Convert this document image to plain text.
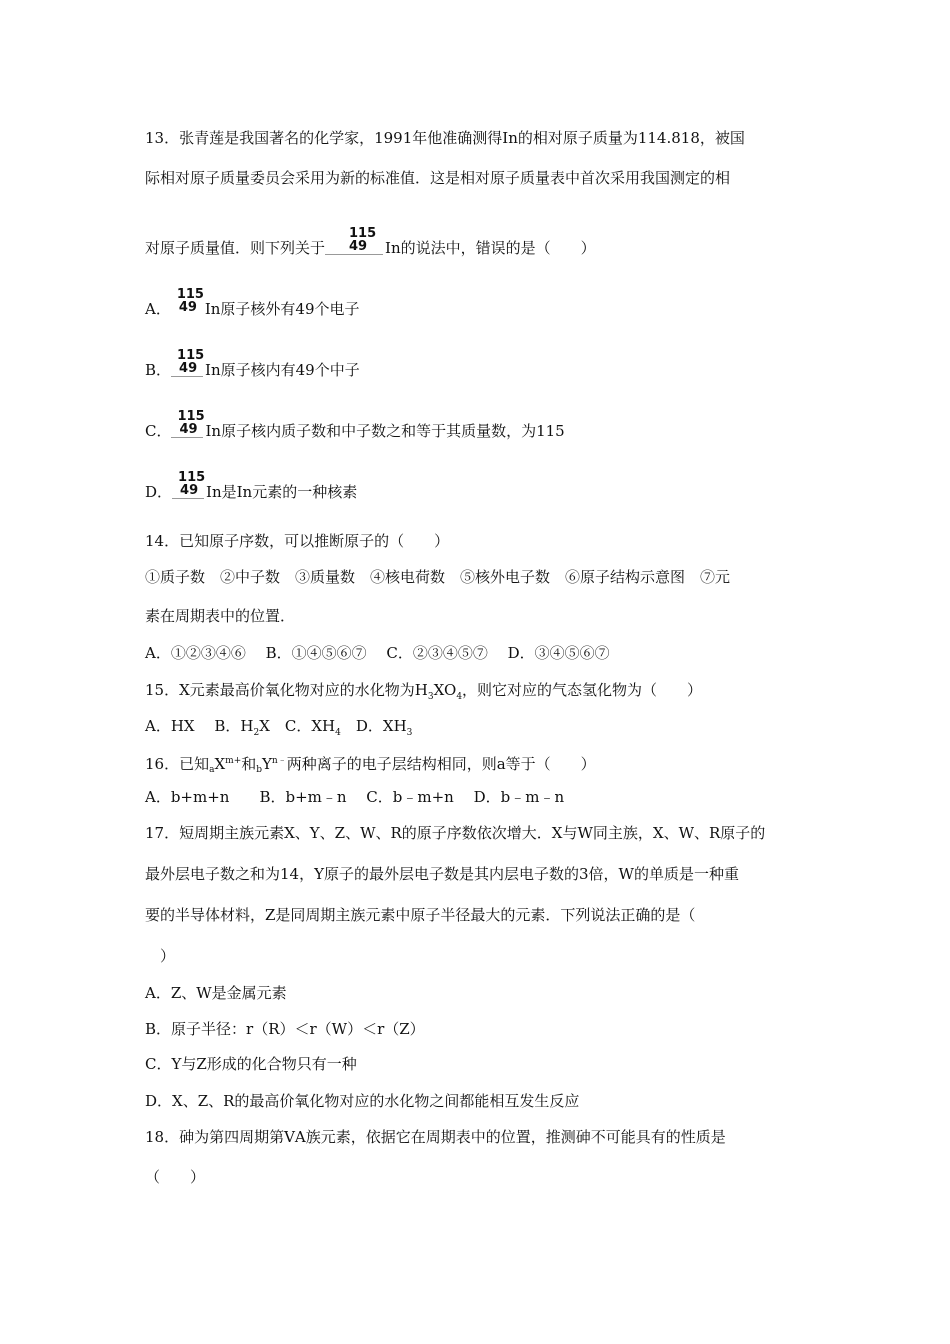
13．张青莲是我国著名的化学家，1991年他准确测得In的相对原子质量为114.818，被国
际相对原子质量委员会采用为新的标准值．这是相对原子质量表中首次采用我国测定的相
对原子质量值．则下列关于
115
49 In的说法中，错误的是（　　）
A．
115
49 In原子核外有49个电子
B．
115
49 In原子核内有49个中子
C．
115
49 In原子核内质子数和中子数之和等于其质量数，为115
D．
115
49 In是In元素的一种核素
14．已知原子序数，可以推断原子的（　　）
①质子数　②中子数　③质量数　④核电荷数　⑤核外电子数　⑥原子结构示意图　⑦元
素在周期表中的位置．
A．①②③④⑥　 B．①④⑤⑥⑦　 C．②③④⑤⑦　 D．③④⑤⑥⑦
15．X元素最高价氧化物对应的水化物为$H_3XO_4$，则它对应的气态氢化物为（　　）
A．HX　 B．$H_2X$　C．$XH_4$　D．$XH_3$
16．已知$_aX^{m+}$和$_bY^{n﹣}$两种离子的电子层结构相同，则a等于（　　）
A．b+m+n　　B．b+m﹣n　 C．b﹣m+n　 D．b﹣m﹣n
17．短周期主族元素X、Y、Z、W、R的原子序数依次增大．X与W同主族，X、W、R原子的
最外层电子数之和为14，Y原子的最外层电子数是其内层电子数的3倍，W的单质是一种重
要的半导体材料，Z是同周期主族元素中原子半径最大的元素．下列说法正确的是（
　）
A．Z、W是金属元素
B．原子半径：r（R）＜r（W）＜r（Z）
C．Y与Z形成的化合物只有一种
D．X、Z、R的最高价氧化物对应的水化物之间都能相互发生反应
18．砷为第四周期第ⅤA族元素，依据它在周期表中的位置，推测砷不可能具有的性质是
（　　）
